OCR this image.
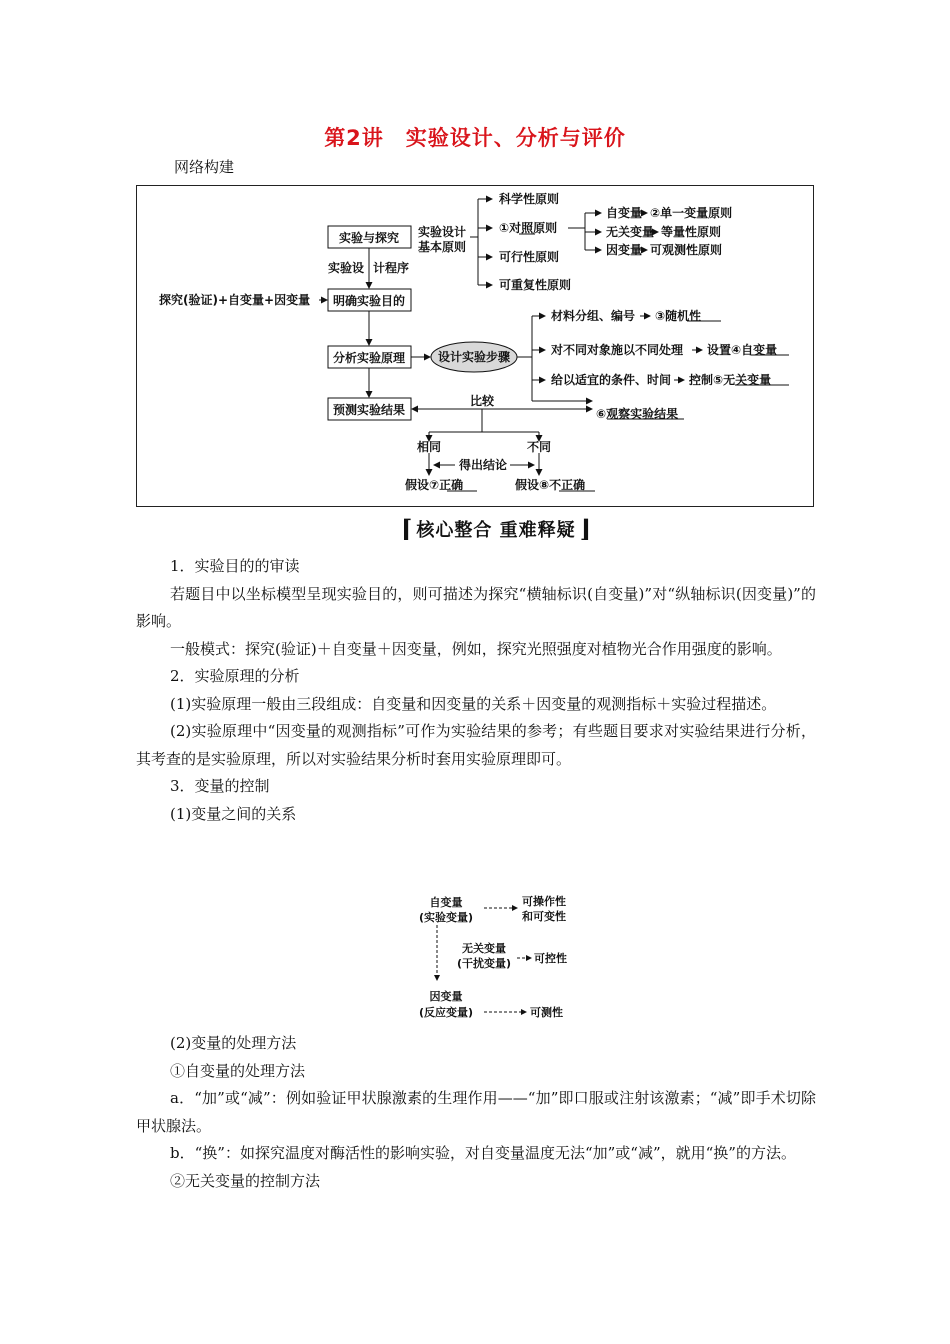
第2讲　实验设计、分析与评价
网络构建
实验与探究
明确实验目的
分析实验原理
预测实验结果
实验设计
基本原则
实验设 计程序
探究(验证)+自变量+因变量
科学性原则
①对照原则
可行性原则
可重复性原则
自变量 ②单一变量原则
无关变量 等量性原则
因变量 可观测性原则
设计实验步骤
材料分组、编号 ③随机性
对不同对象施以不同处理 设置④自变量
给以适宜的条件、时间 控制⑤无关变量
⑥观察实验结果
比较
相同	不同
得出结论
假设⑦正确	假设⑧不正确
⌈ 核心整合 重难释疑 ⌋

1．实验目的的审读

若题目中以坐标模型呈现实验目的，则可描述为探究“横轴标识(自变量)”对“纵轴标识(因变量)”的影响。

一般模式：探究(验证)＋自变量＋因变量，例如，探究光照强度对植物光合作用强度的影响。

2．实验原理的分析

(1)实验原理一般由三段组成：自变量和因变量的关系＋因变量的观测指标＋实验过程描述。

(2)实验原理中“因变量的观测指标”可作为实验结果的参考；有些题目要求对实验结果进行分析，其考查的是实验原理，所以对实验结果分析时套用实验原理即可。

3．变量的控制

(1)变量之间的关系

自变量
(实验变量)
可操作性
和可变性
无关变量
(干扰变量) 可控性
因变量
(反应变量)	可测性

(2)变量的处理方法

①自变量的处理方法

a．“加”或“减”：例如验证甲状腺激素的生理作用——“加”即口服或注射该激素；“减”即手术切除甲状腺法。

b．“换”：如探究温度对酶活性的影响实验，对自变量温度无法“加”或“减”，就用“换”的方法。

②无关变量的控制方法
